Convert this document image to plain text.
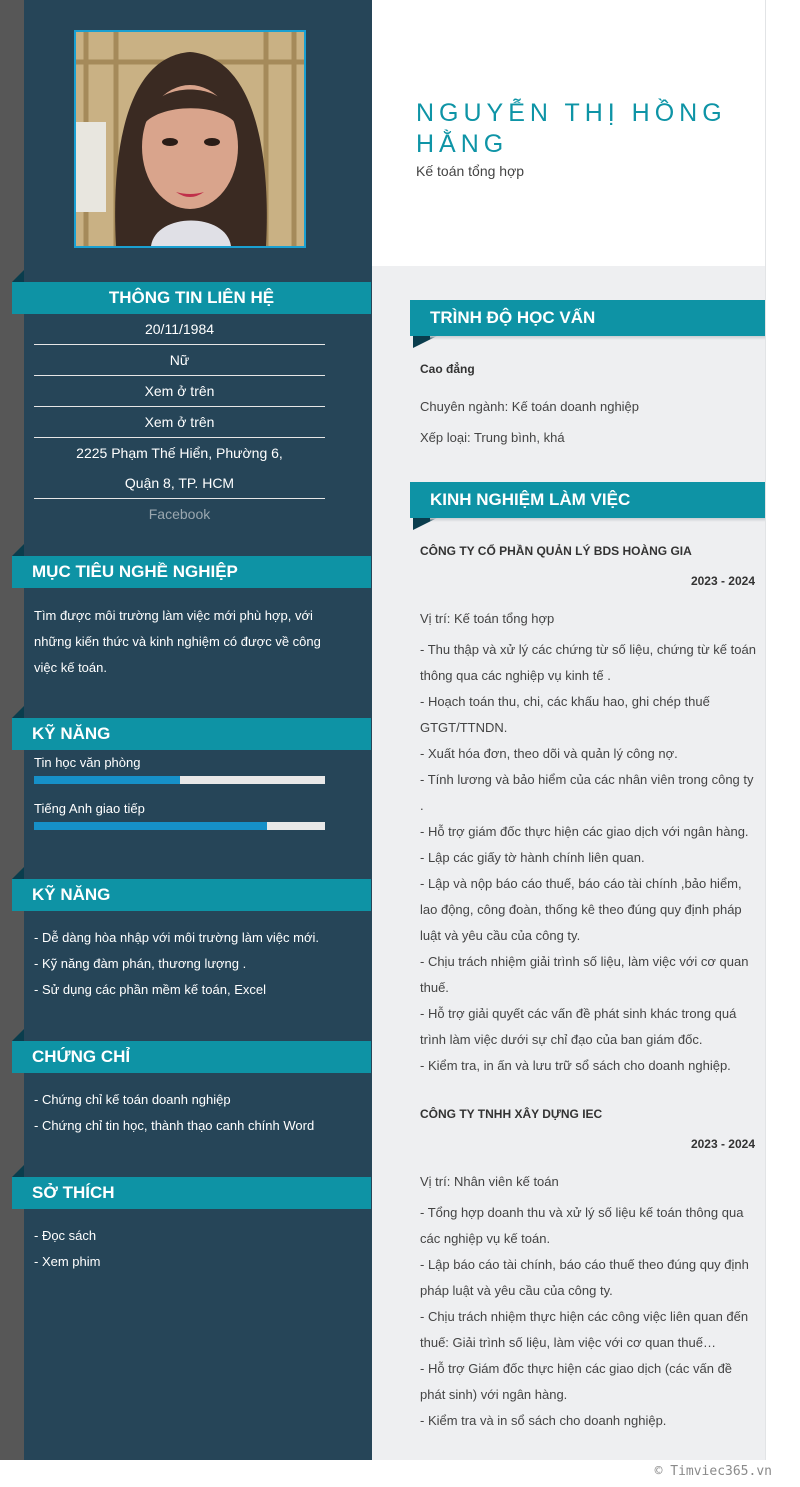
NGUYỄN THỊ HỒNG HẰNG
Kế toán tổng hợp
THÔNG TIN LIÊN HỆ
20/11/1984
Nữ
Xem ở trên
Xem ở trên
2225 Phạm Thế Hiển, Phường 6,
Quận 8, TP. HCM
Facebook
MỤC TIÊU NGHỀ NGHIỆP
Tìm được môi trường làm việc mới phù hợp, với
những kiến thức và kinh nghiệm có được về công
việc kế toán.
KỸ NĂNG
Tin học văn phòng
Tiếng Anh giao tiếp
KỸ NĂNG
- Dễ dàng hòa nhập với môi trường làm việc mới.
- Kỹ năng đàm phán, thương lượng .
- Sử dụng các phần mềm kế toán, Excel
CHỨNG CHỈ
- Chứng chỉ kế toán doanh nghiệp
- Chứng chỉ tin học, thành thạo canh chính Word
SỞ THÍCH
- Đọc sách
- Xem phim
TRÌNH ĐỘ HỌC VẤN
Cao đẳng
Chuyên ngành: Kế toán doanh nghiệp
Xếp loại: Trung bình, khá
KINH NGHIỆM LÀM VIỆC
CÔNG TY CỔ PHẦN QUẢN LÝ BDS HOÀNG GIA
2023 - 2024
Vị trí: Kế toán tổng hợp
- Thu thập và xử lý các chứng từ số liệu, chứng từ kế toán
thông qua các nghiệp vụ kinh tế .
- Hoạch toán thu, chi, các khấu hao, ghi chép thuế
GTGT/TTNDN.
- Xuất hóa đơn, theo dõi và quản lý công nợ.
- Tính lương và bảo hiểm của các nhân viên trong công ty .
- Hỗ trợ giám đốc thực hiện các giao dịch với ngân hàng.
- Lập các giấy tờ hành chính liên quan.
- Lập và nộp báo cáo thuế, báo cáo tài chính ,bảo hiểm,
lao động, công đoàn, thống kê theo đúng quy định pháp
luật và yêu cầu của công ty.
- Chịu trách nhiệm giải trình số liệu, làm việc với cơ quan
thuế.
- Hỗ trợ giải quyết các vấn đề phát sinh khác trong quá
trình làm việc dưới sự chỉ đạo của ban giám đốc.
- Kiểm tra, in ấn và lưu trữ sổ sách cho doanh nghiệp.
CÔNG TY TNHH XÂY DỰNG IEC
2023 - 2024
Vị trí: Nhân viên kế toán
- Tổng hợp doanh thu và xử lý số liệu kế toán thông qua
các nghiệp vụ kế toán.
- Lập báo cáo tài chính, báo cáo thuế theo đúng quy định
pháp luật và yêu cầu của công ty.
- Chịu trách nhiệm thực hiện các công việc liên quan đến
thuế: Giải trình số liệu, làm việc với cơ quan thuế…
- Hỗ trợ Giám đốc thực hiện các giao dịch (các vấn đề
phát sinh) với ngân hàng.
- Kiểm tra và in sổ sách cho doanh nghiệp.
© Timviec365.vn
